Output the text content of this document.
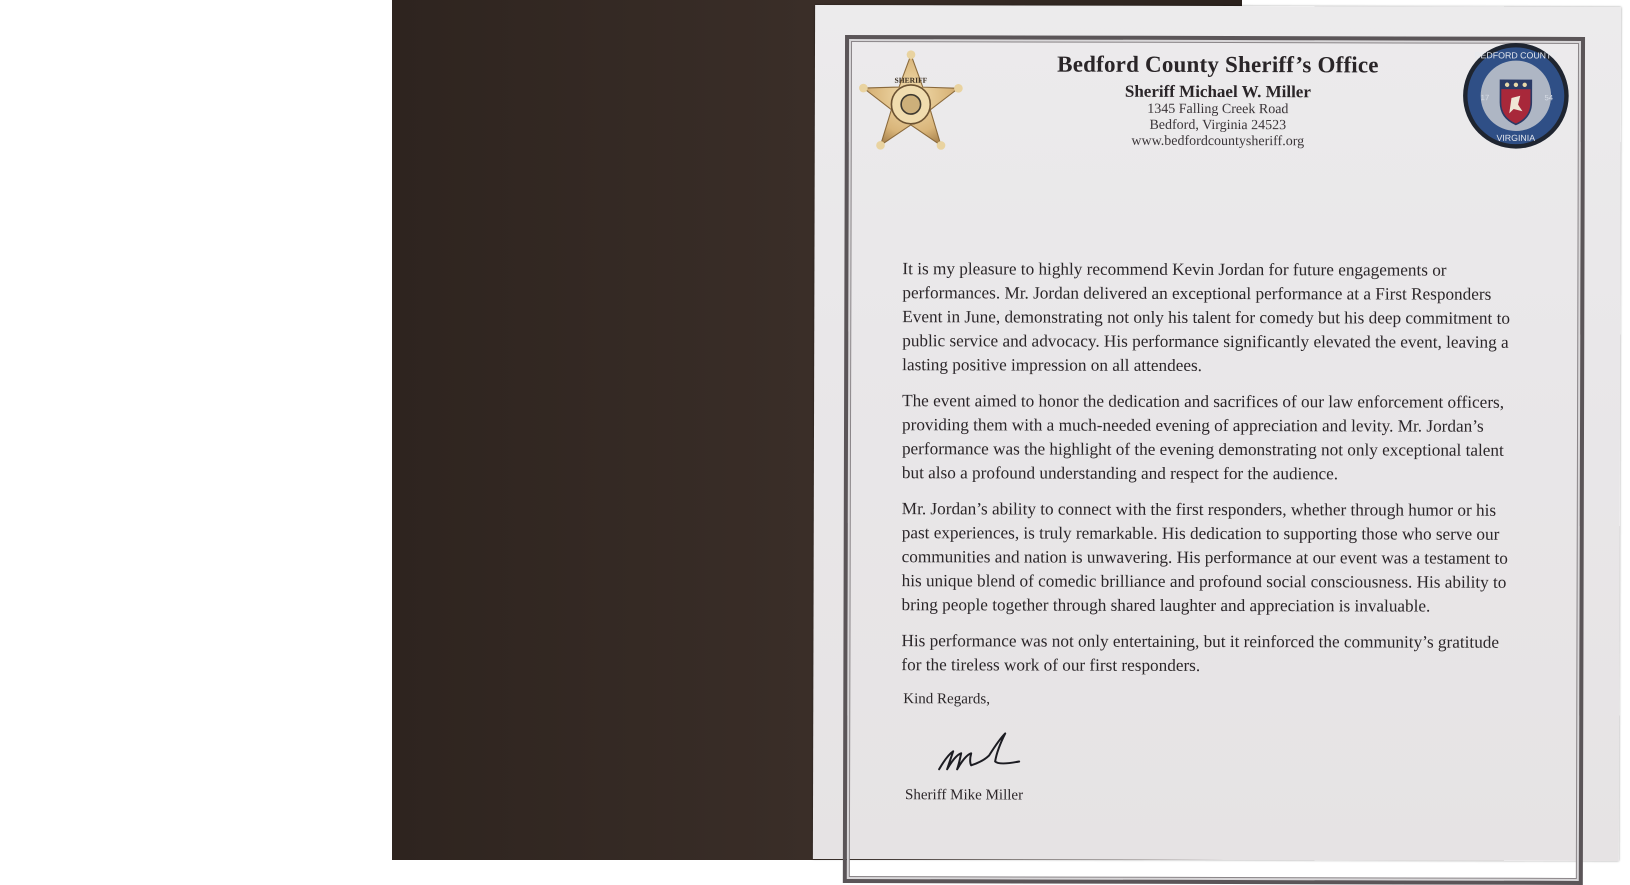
SHERIFF
Bedford County Sheriff’s Office
Sheriff Michael W. Miller
1345 Falling Creek Road
Bedford, Virginia 24523
www.bedfordcountysheriff.org
17	54
BEDFORD COUNTY
VIRGINIA

It is my pleasure to highly recommend Kevin Jordan for future engagements or performances. Mr. Jordan delivered an exceptional performance at a First Responders Event in June, demonstrating not only his talent for comedy but his deep commitment to public service and advocacy. His performance significantly elevated the event, leaving a lasting positive impression on all attendees.

The event aimed to honor the dedication and sacrifices of our law enforcement officers, providing them with a much-needed evening of appreciation and levity. Mr. Jordan’s performance was the highlight of the evening demonstrating not only exceptional talent but also a profound understanding and respect for the audience.

Mr. Jordan’s ability to connect with the first responders, whether through humor or his past experiences, is truly remarkable. His dedication to supporting those who serve our communities and nation is unwavering. His performance at our event was a testament to his unique blend of comedic brilliance and profound social consciousness. His ability to bring people together through shared laughter and appreciation is invaluable.

His performance was not only entertaining, but it reinforced the community’s gratitude for the tireless work of our first responders.

Kind Regards,
Sheriff Mike Miller
